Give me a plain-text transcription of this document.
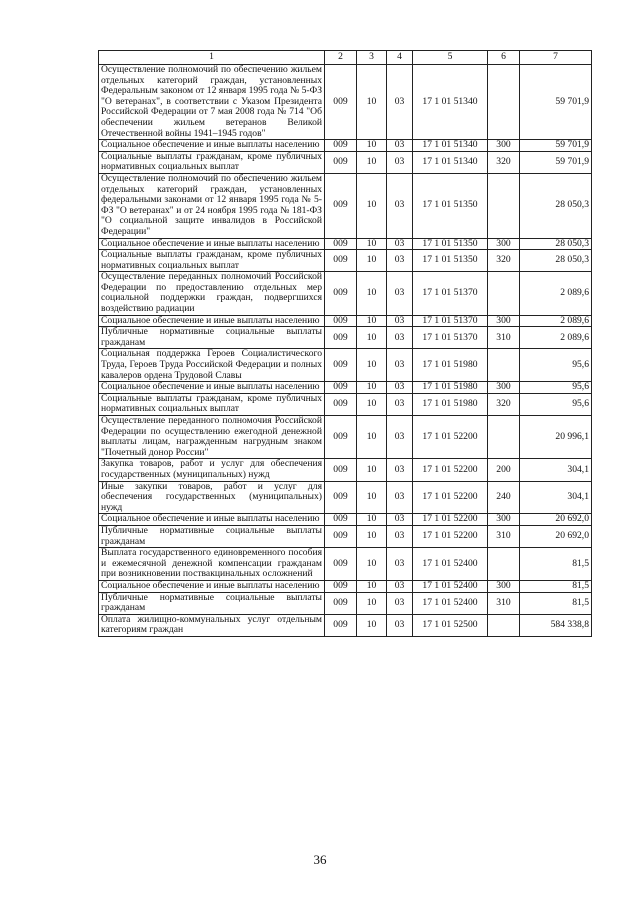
1	2	3	4	5	6	7
Осуществление полномочий по обеспечению жильем отдельных категорий граждан, установленных Федеральным законом от 12 января 1995 года № 5-ФЗ "О ветеранах", в соответствии с Указом Президента Российской Федерации от 7 мая 2008 года № 714 "Об обеспечении жильем ветеранов Великой Отечественной войны 1941–1945 годов"	009	10	03	17 1 01 51340		59 701,9
Социальное обеспечение и иные выплаты населению	009	10	03	17 1 01 51340	300	59 701,9
Социальные выплаты гражданам, кроме публичных нормативных социальных выплат	009	10	03	17 1 01 51340	320	59 701,9
Осуществление полномочий по обеспечению жильем отдельных категорий граждан, установленных федеральными законами от 12 января 1995 года № 5-ФЗ "О ветеранах" и от 24 ноября 1995 года № 181-ФЗ "О социальной защите инвалидов в Российской Федерации"	009	10	03	17 1 01 51350		28 050,3
Социальное обеспечение и иные выплаты населению	009	10	03	17 1 01 51350	300	28 050,3
Социальные выплаты гражданам, кроме публичных нормативных социальных выплат	009	10	03	17 1 01 51350	320	28 050,3
Осуществление переданных полномочий Российской Федерации по предоставлению отдельных мер социальной поддержки граждан, подвергшихся воздействию радиации	009	10	03	17 1 01 51370		2 089,6
Социальное обеспечение и иные выплаты населению	009	10	03	17 1 01 51370	300	2 089,6
Публичные нормативные социальные выплаты гражданам	009	10	03	17 1 01 51370	310	2 089,6
Социальная поддержка Героев Социалистического Труда, Героев Труда Российской Федерации и полных кавалеров ордена Трудовой Славы	009	10	03	17 1 01 51980		95,6
Социальное обеспечение и иные выплаты населению	009	10	03	17 1 01 51980	300	95,6
Социальные выплаты гражданам, кроме публичных нормативных социальных выплат	009	10	03	17 1 01 51980	320	95,6
Осуществление переданного полномочия Российской Федерации по осуществлению ежегодной денежной выплаты лицам, награжденным нагрудным знаком "Почетный донор России"	009	10	03	17 1 01 52200		20 996,1
Закупка товаров, работ и услуг для обеспечения государственных (муниципальных) нужд	009	10	03	17 1 01 52200	200	304,1
Иные закупки товаров, работ и услуг для обеспечения государственных (муниципальных) нужд	009	10	03	17 1 01 52200	240	304,1
Социальное обеспечение и иные выплаты населению	009	10	03	17 1 01 52200	300	20 692,0
Публичные нормативные социальные выплаты гражданам	009	10	03	17 1 01 52200	310	20 692,0
Выплата государственного единовременного пособия и ежемесячной денежной компенсации гражданам при возникновении поствакцинальных осложнений	009	10	03	17 1 01 52400		81,5
Социальное обеспечение и иные выплаты населению	009	10	03	17 1 01 52400	300	81,5
Публичные нормативные социальные выплаты гражданам	009	10	03	17 1 01 52400	310	81,5
Оплата жилищно-коммунальных услуг отдельным категориям граждан	009	10	03	17 1 01 52500		584 338,8
36
